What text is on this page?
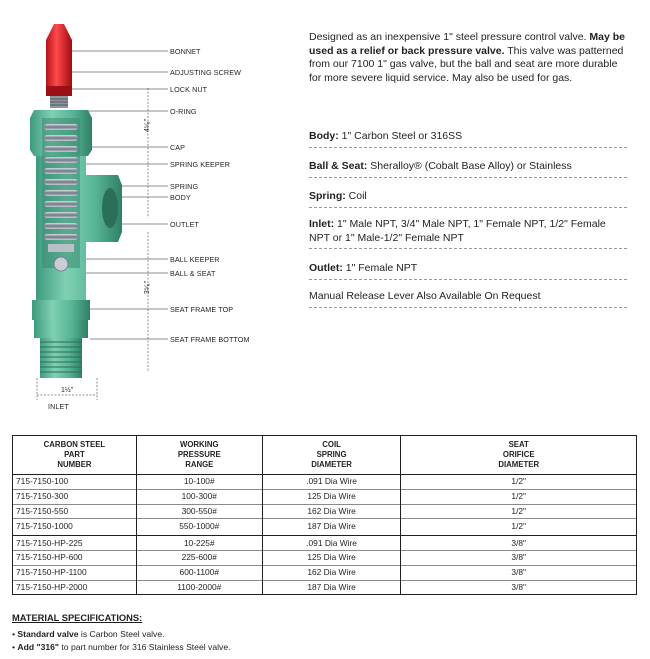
BONNET
ADJUSTING SCREW
LOCK NUT
O-RING
CAP
SPRING KEEPER
SPRING
BODY
OUTLET
BALL KEEPER
BALL & SEAT
SEAT FRAME TOP
SEAT FRAME BOTTOM
INLET
4⁵⁄₈"
3⁵⁄₈"
1½"
Designed as an inexpensive 1" steel pressure control valve. May be used as a relief or back pressure valve. This valve was patterned from our 7100 1" gas valve, but the ball and seat are more durable for more severe liquid service. May also be used for gas.
Body: 1" Carbon Steel or 316SS
Ball & Seat: Sheralloy® (Cobalt Base Alloy) or Stainless
Spring: Coil
Inlet: 1" Male NPT, 3/4" Male NPT, 1" Female NPT, 1/2" Female NPT or 1" Male-1/2" Female NPT
Outlet: 1" Female NPT
Manual Release Lever Also Available On Request
CARBON STEEL
PART
NUMBER	WORKING
PRESSURE
RANGE	COIL
SPRING
DIAMETER	SEAT
ORIFICE
DIAMETER
715-7150-100	10-100#	.091 Dia Wire	1/2"
715-7150-300	100-300#	125 Dia Wire	1/2"
715-7150-550	300-550#	162 Dia Wire	1/2"
715-7150-1000	550-1000#	187 Dia Wire	1/2"

715-7150-HP-225	10-225#	.091 Dia Wire	3/8"
715-7150-HP-600	225-600#	125 Dia Wire	3/8"
715-7150-HP-1100	600-1100#	162 Dia Wire	3/8"
715-7150-HP-2000	1100-2000#	187 Dia Wire	3/8"
MATERIAL SPECIFICATIONS:
• Standard valve is Carbon Steel valve.
• Add "316" to part number for 316 Stainless Steel valve.
